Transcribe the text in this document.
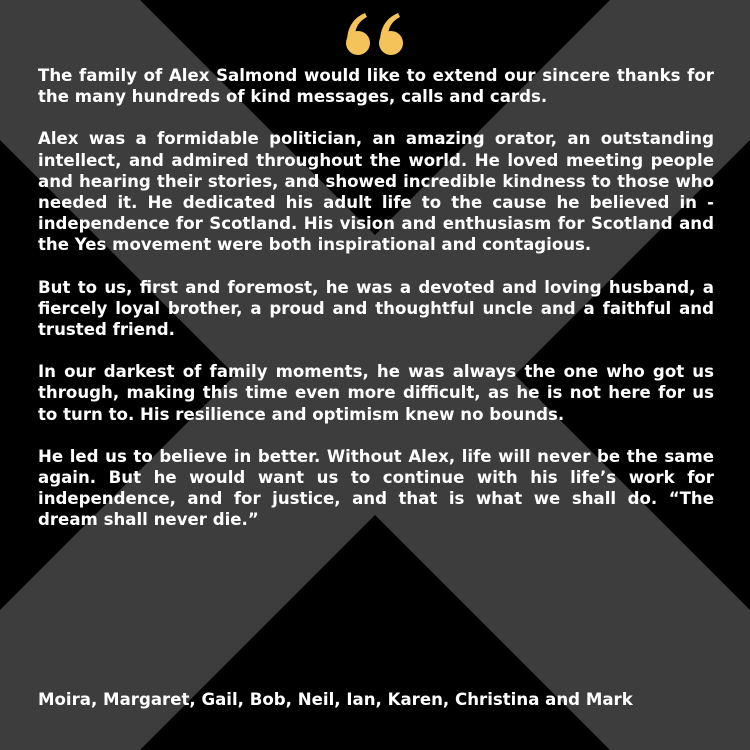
The family of Alex Salmond would like to extend our sincere thanks for the many hundreds of kind messages, calls and cards.

Alex was a formidable politician, an amazing orator, an outstanding intellect, and admired throughout the world. He loved meeting people and hearing their stories, and showed incredible kindness to those who needed it. He dedicated his adult life to the cause he believed in - independence for Scotland. His vision and enthusiasm for Scotland and the Yes movement were both inspirational and contagious.

But to us, first and foremost, he was a devoted and loving husband, a fiercely loyal brother, a proud and thoughtful uncle and a faithful and trusted friend.

In our darkest of family moments, he was always the one who got us through, making this time even more difficult, as he is not here for us to turn to. His resilience and optimism knew no bounds.

He led us to believe in better. Without Alex, life will never be the same again. But he would want us to continue with his life’s work for independence, and for justice, and that is what we shall do. “The dream shall never die.”

Moira, Margaret, Gail, Bob, Neil, Ian, Karen, Christina and Mark
